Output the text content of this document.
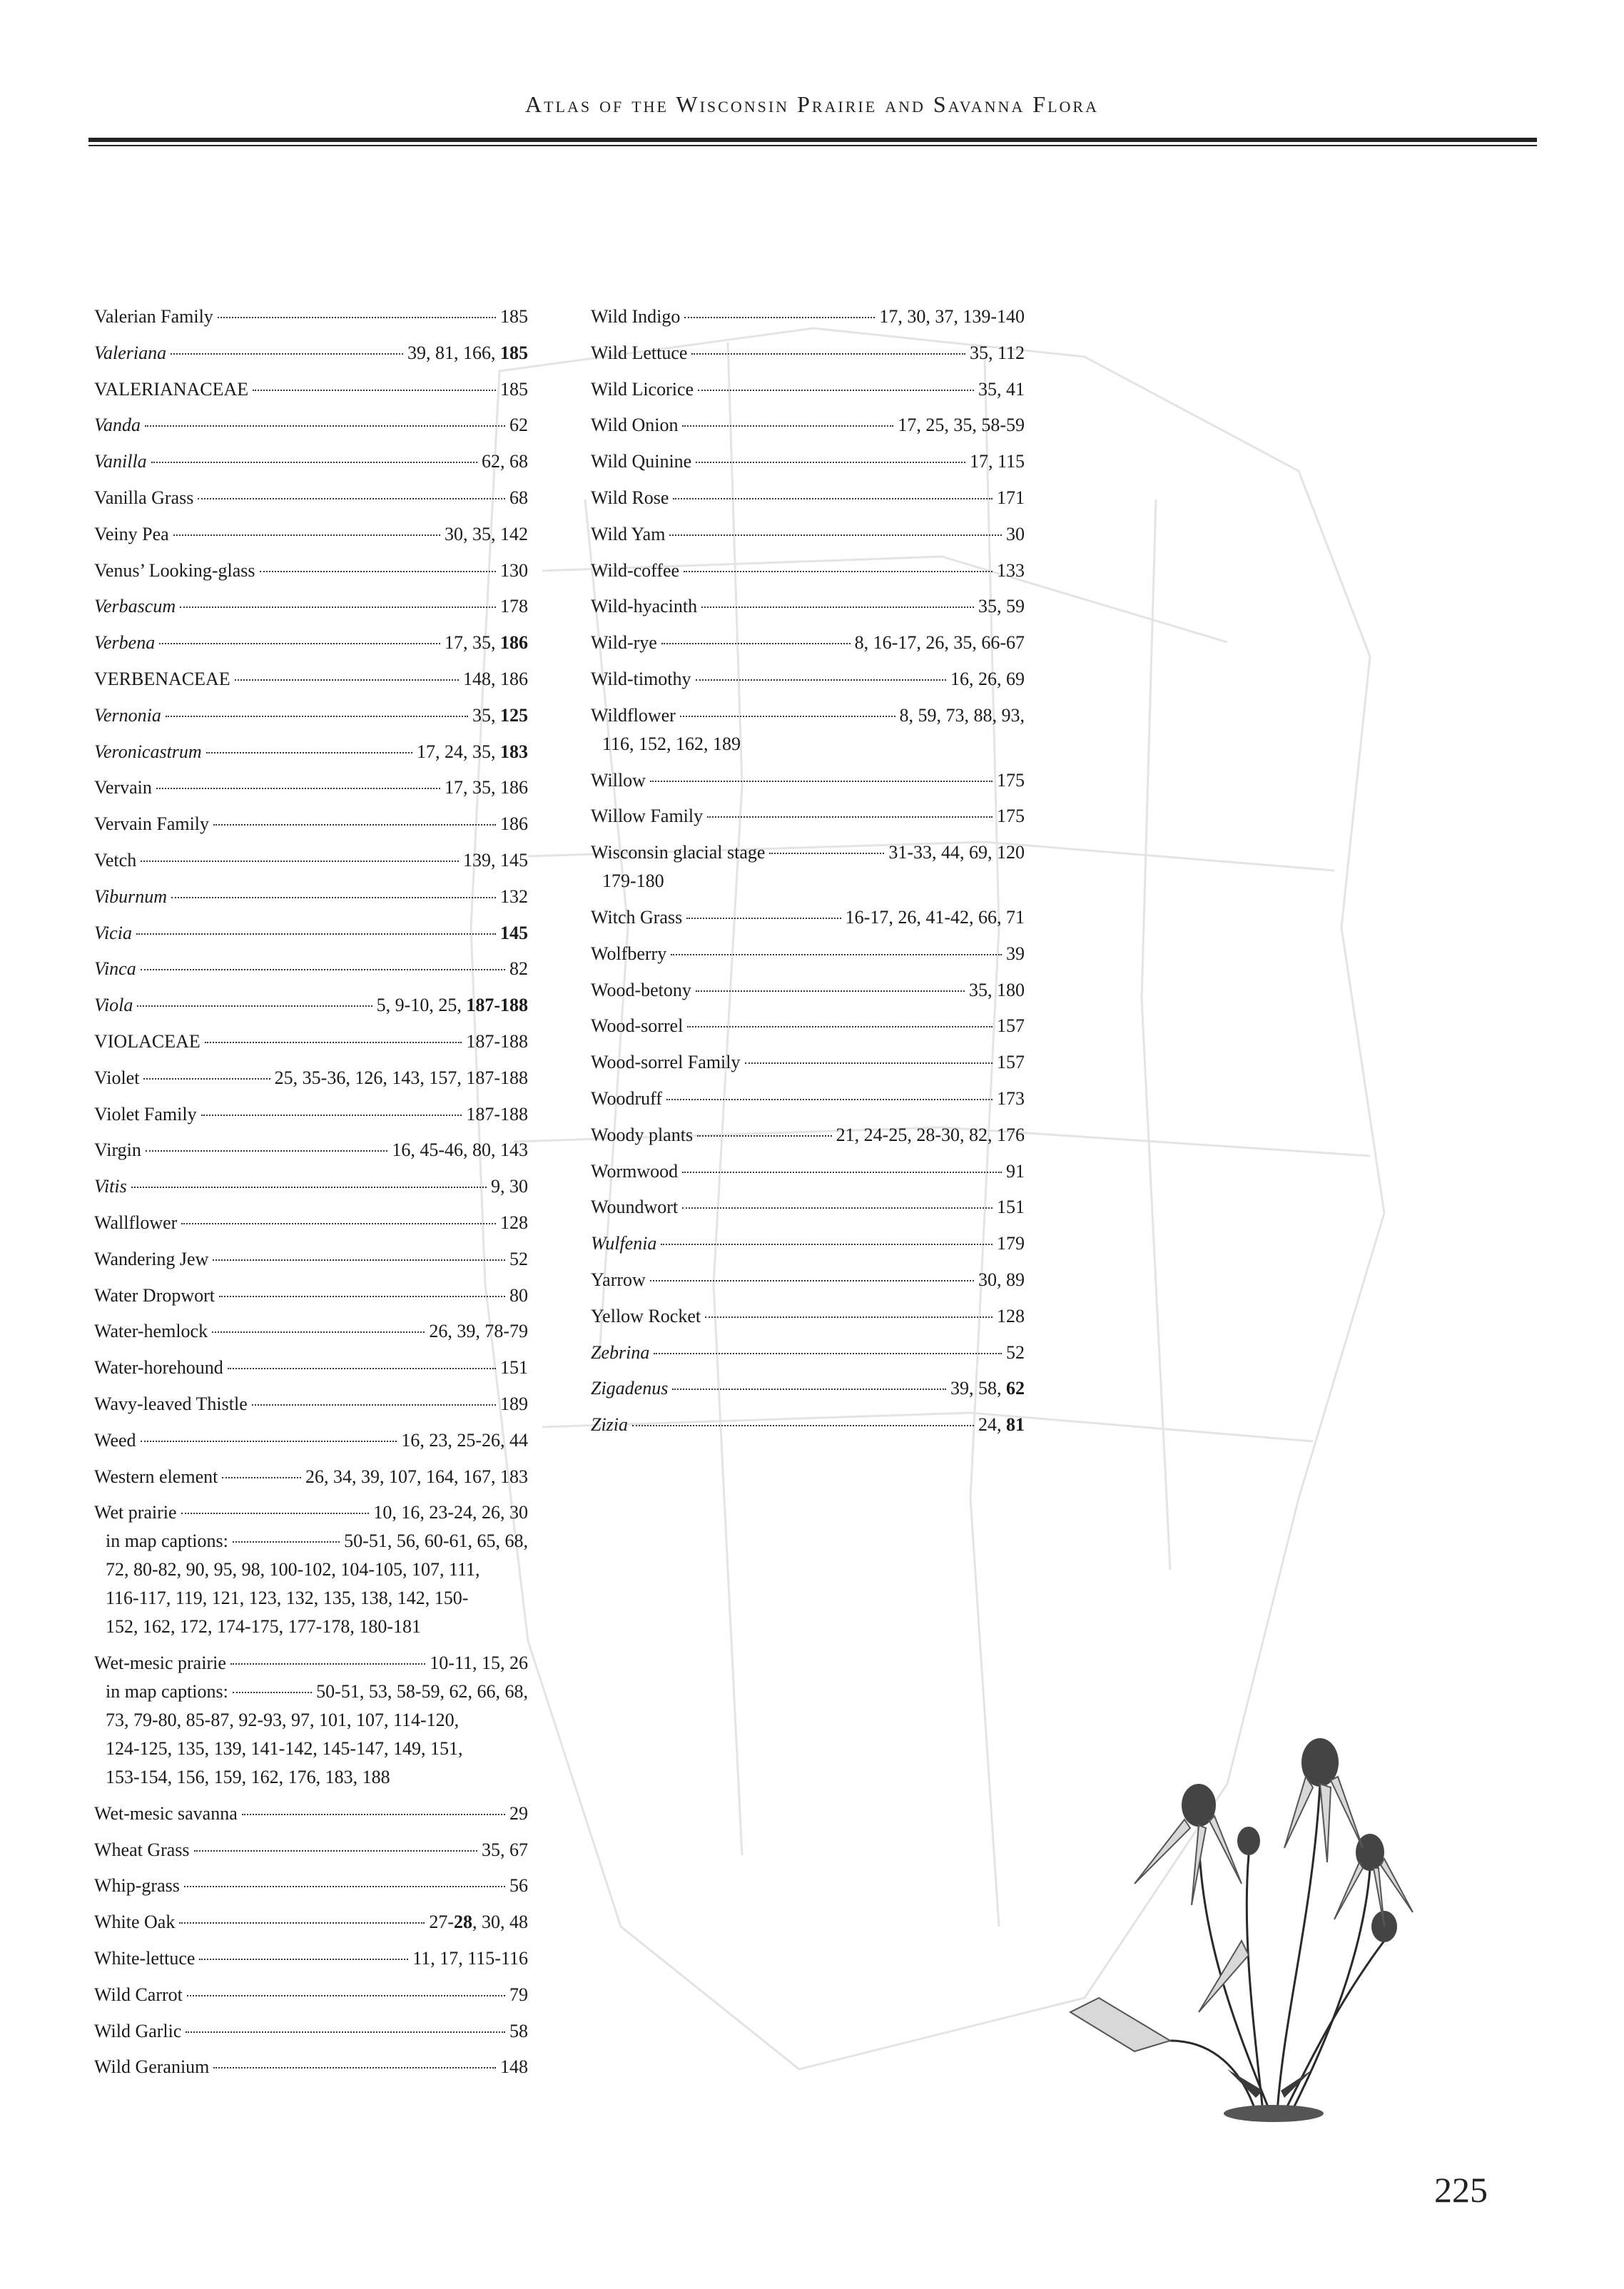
Atlas of the Wisconsin Prairie and Savanna Flora
Valerian Family	185
Valeriana	39, 81, 166, 185
VALERIANACEAE	185
Vanda	62
Vanilla	62, 68
Vanilla Grass	68
Veiny Pea	30, 35, 142
Venus’ Looking-glass	130
Verbascum	178
Verbena	17, 35, 186
VERBENACEAE	148, 186
Vernonia	35, 125
Veronicastrum	17, 24, 35, 183
Vervain	17, 35, 186
Vervain Family	186
Vetch	139, 145
Viburnum	132
Vicia	145
Vinca	82
Viola	5, 9-10, 25, 187-188
VIOLACEAE	187-188
Violet	25, 35-36, 126, 143, 157, 187-188
Violet Family	187-188
Virgin	16, 45-46, 80, 143
Vitis	9, 30
Wallflower	128
Wandering Jew	52
Water Dropwort	80
Water-hemlock	26, 39, 78-79
Water-horehound	151
Wavy-leaved Thistle	189
Weed	16, 23, 25-26, 44
Western element	26, 34, 39, 107, 164, 167, 183
Wet prairie	10, 16, 23-24, 26, 30
in map captions:	50-51, 56, 60-61, 65, 68,
72, 80-82, 90, 95, 98, 100-102, 104-105, 107, 111,
116-117, 119, 121, 123, 132, 135, 138, 142, 150-
152, 162, 172, 174-175, 177-178, 180-181
Wet-mesic prairie	10-11, 15, 26
in map captions:	50-51, 53, 58-59, 62, 66, 68,
73, 79-80, 85-87, 92-93, 97, 101, 107, 114-120,
124-125, 135, 139, 141-142, 145-147, 149, 151,
153-154, 156, 159, 162, 176, 183, 188
Wet-mesic savanna	29
Wheat Grass	35, 67
Whip-grass	56
White Oak	27-28, 30, 48
White-lettuce	11, 17, 115-116
Wild Carrot	79
Wild Garlic	58
Wild Geranium	148
Wild Indigo	17, 30, 37, 139-140
Wild Lettuce	35, 112
Wild Licorice	35, 41
Wild Onion	17, 25, 35, 58-59
Wild Quinine	17, 115
Wild Rose	171
Wild Yam	30
Wild-coffee	133
Wild-hyacinth	35, 59
Wild-rye	8, 16-17, 26, 35, 66-67
Wild-timothy	16, 26, 69
Wildflower	8, 59, 73, 88, 93,
116, 152, 162, 189
Willow	175
Willow Family	175
Wisconsin glacial stage	31-33, 44, 69, 120
179-180
Witch Grass	16-17, 26, 41-42, 66, 71
Wolfberry	39
Wood-betony	35, 180
Wood-sorrel	157
Wood-sorrel Family	157
Woodruff	173
Woody plants	21, 24-25, 28-30, 82, 176
Wormwood	91
Woundwort	151
Wulfenia	179
Yarrow	30, 89
Yellow Rocket	128
Zebrina	52
Zigadenus	39, 58, 62
Zizia	24, 81
225
